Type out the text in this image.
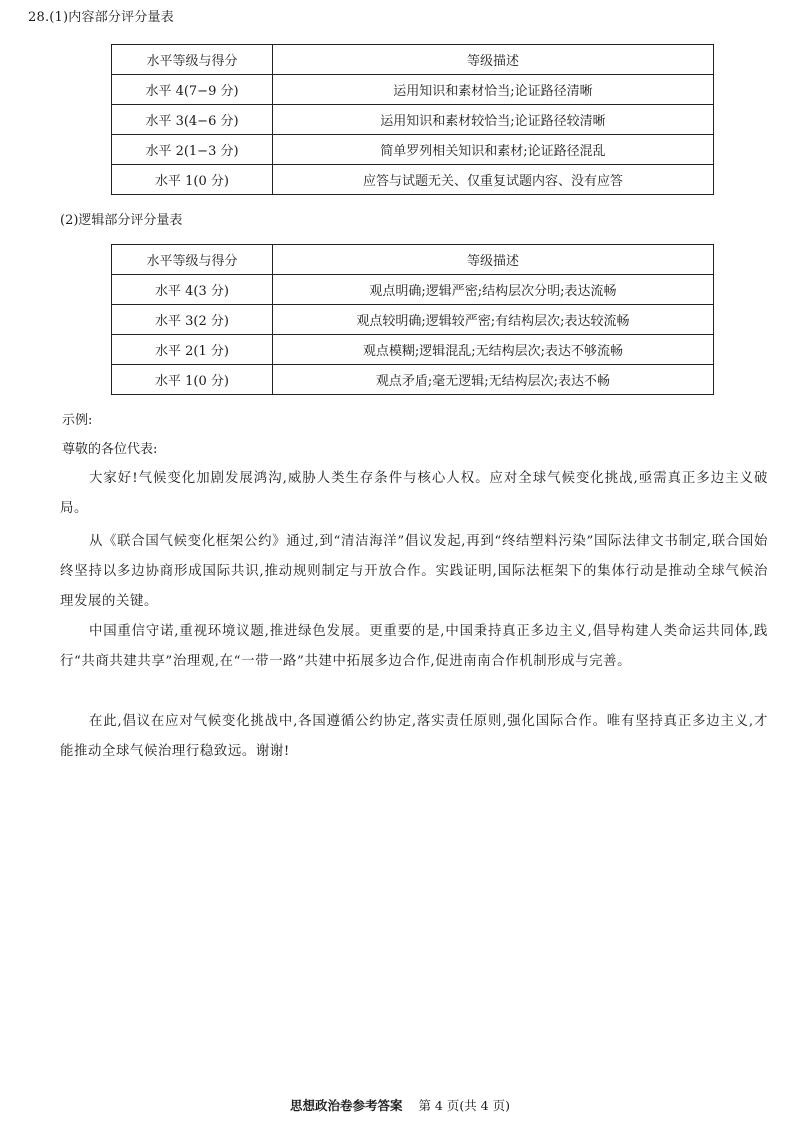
28.(1)内容部分评分量表
水平等级与得分	等级描述
水平 4(7−9 分)	运用知识和素材恰当;论证路径清晰
水平 3(4−6 分)	运用知识和素材较恰当;论证路径较清晰
水平 2(1−3 分)	简单罗列相关知识和素材;论证路径混乱
水平 1(0 分)	应答与试题无关、仅重复试题内容、没有应答
(2)逻辑部分评分量表
水平等级与得分	等级描述
水平 4(3 分)	观点明确;逻辑严密;结构层次分明;表达流畅
水平 3(2 分)	观点较明确;逻辑较严密;有结构层次;表达较流畅
水平 2(1 分)	观点模糊;逻辑混乱;无结构层次;表达不够流畅
水平 1(0 分)	观点矛盾;毫无逻辑;无结构层次;表达不畅
示例:
尊敬的各位代表:
大家好!气候变化加剧发展鸿沟,威胁人类生存条件与核心人权。应对全球气候变化挑战,亟需真正多边主义破局。
从《联合国气候变化框架公约》通过,到“清洁海洋”倡议发起,再到“终结塑料污染”国际法律文书制定,联合国始终坚持以多边协商形成国际共识,推动规则制定与开放合作。实践证明,国际法框架下的集体行动是推动全球气候治理发展的关键。
中国重信守诺,重视环境议题,推进绿色发展。更重要的是,中国秉持真正多边主义,倡导构建人类命运共同体,践行“共商共建共享”治理观,在“一带一路”共建中拓展多边合作,促进南南合作机制形成与完善。
在此,倡议在应对气候变化挑战中,各国遵循公约协定,落实责任原则,强化国际合作。唯有坚持真正多边主义,才能推动全球气候治理行稳致远。谢谢!
思想政治卷参考答案 第 4 页(共 4 页)
